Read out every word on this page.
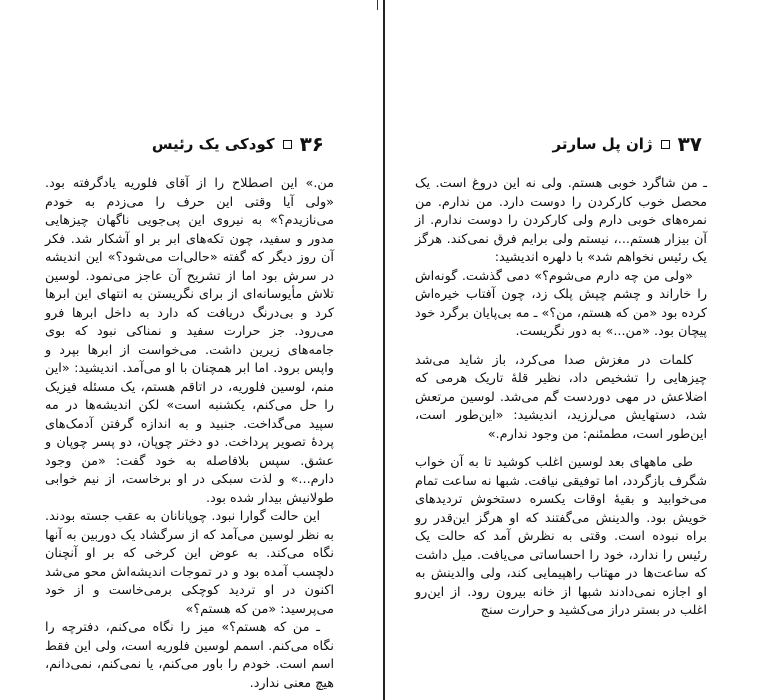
۳۶
کودکی یک رئیس

من.» این اصطلاح را از آقای فلوریه یادگرفته بود. «ولی آیا وقتی این حرف را می‌زدم به خودم می‌نازیدم؟» به نیروی این پی‌جویی ناگهان چیزهایی مدور و سفید، چون تکه‌های ابر بر او آشکار شد. فکر آن روز دیگر که گفته «حالی‌ات می‌شود؟» این اندیشه در سرش بود اما از تشریح آن عاجز می‌نمود. لوسین تلاش مأیوسانه‌ای از برای نگریستن به انتهای این ابرها کرد و بی‌درنگ دریافت که دارد به داخل ابرها فرو می‌رود. جز حرارت سفید و نمناکی نبود که بوی جامه‌های زیرین داشت. می‌خواست از ابرها بپرد و واپس برود. اما ابر همچنان با او می‌آمد. اندیشید: «این منم، لوسین فلوریه، در اتاقم هستم، یک مسئله فیزیک را حل می‌کنم، یکشنبه است» لکن اندیشه‌ها در مه سپید می‌گداخت. جنبید و به اندازه گرفتن آدمک‌های پردهٔ تصویر پرداخت. دو دختر چوپان، دو پسر چوپان و عشق. سپس بلافاصله به خود گفت: «من وجود دارم...» و لذت سبکی در او برخاست، از نیم خوابی طولانیش بیدار شده بود.

این حالت گوارا نبود. چوپانانان به عقب جسته بودند. به نظر لوسین می‌آمد که از سرگشاد یک دوربین به آنها نگاه می‌کند. به عوض این کرخی که بر او آنچنان دلچسب آمده بود و در تموجات اندیشه‌اش محو می‌شد اکنون در او تردید کوچکی برمی‌خاست و از خود می‌پرسید: «من که هستم؟»

ـ من که هستم؟» میز را نگاه می‌کنم، دفترچه را نگاه می‌کنم. اسمم لوسین فلوریه است، ولی این فقط اسم است. خودم را باور می‌کنم، یا نمی‌کنم، نمی‌دانم، هیچ معنی ندارد.

۳۷
ژان پل سارتر

ـ من شاگرد خوبی هستم. ولی نه این دروغ است. یک محصل خوب کارکردن را دوست دارد. من ندارم. من نمره‌های خوبی دارم ولی کارکردن را دوست ندارم. از آن بیزار هستم...، نیستم ولی برایم فرق نمی‌کند. هرگز یک رئیس نخواهم شد» با دلهره اندیشید:

«ولی من چه دارم می‌شوم؟» دمی گذشت. گونه‌اش را خاراند و چشم چپش پلک زد، چون آفتاب خیره‌اش کرده بود «من که هستم، من؟» ـ مه بی‌پایان برگرد خود پیچان بود. «من...» به دور نگریست.

کلمات در مغزش صدا می‌کرد، باز شاید می‌شد چیزهایی را تشخیص داد، نظیر قلهٔ تاریک هرمی که اضلاعش در مهی دوردست گم می‌شد. لوسین مرتعش شد، دستهایش می‌لرزید، اندیشید: «این‌طور است، این‌طور است، مطمئنم: من وجود ندارم.»

طی ماههای بعد لوسین اغلب کوشید تا به آن خواب شگرف بازگردد، اما توفیقی نیافت. شبها نه ساعت تمام می‌خوابید و بقیهٔ اوقات یکسره دستخوش تردیدهای خویش بود. والدینش می‌گفتند که او هرگز این‌قدر رو براه نبوده است. وقتی به نظرش آمد که حالت یک رئیس را ندارد، خود را احساساتی می‌یافت. میل داشت که ساعت‌ها در مهتاب راهپیمایی کند، ولی والدینش به او اجازه نمی‌دادند شبها از خانه بیرون رود. از این‌رو اغلب در بستر دراز می‌کشید و حرارت سنج
